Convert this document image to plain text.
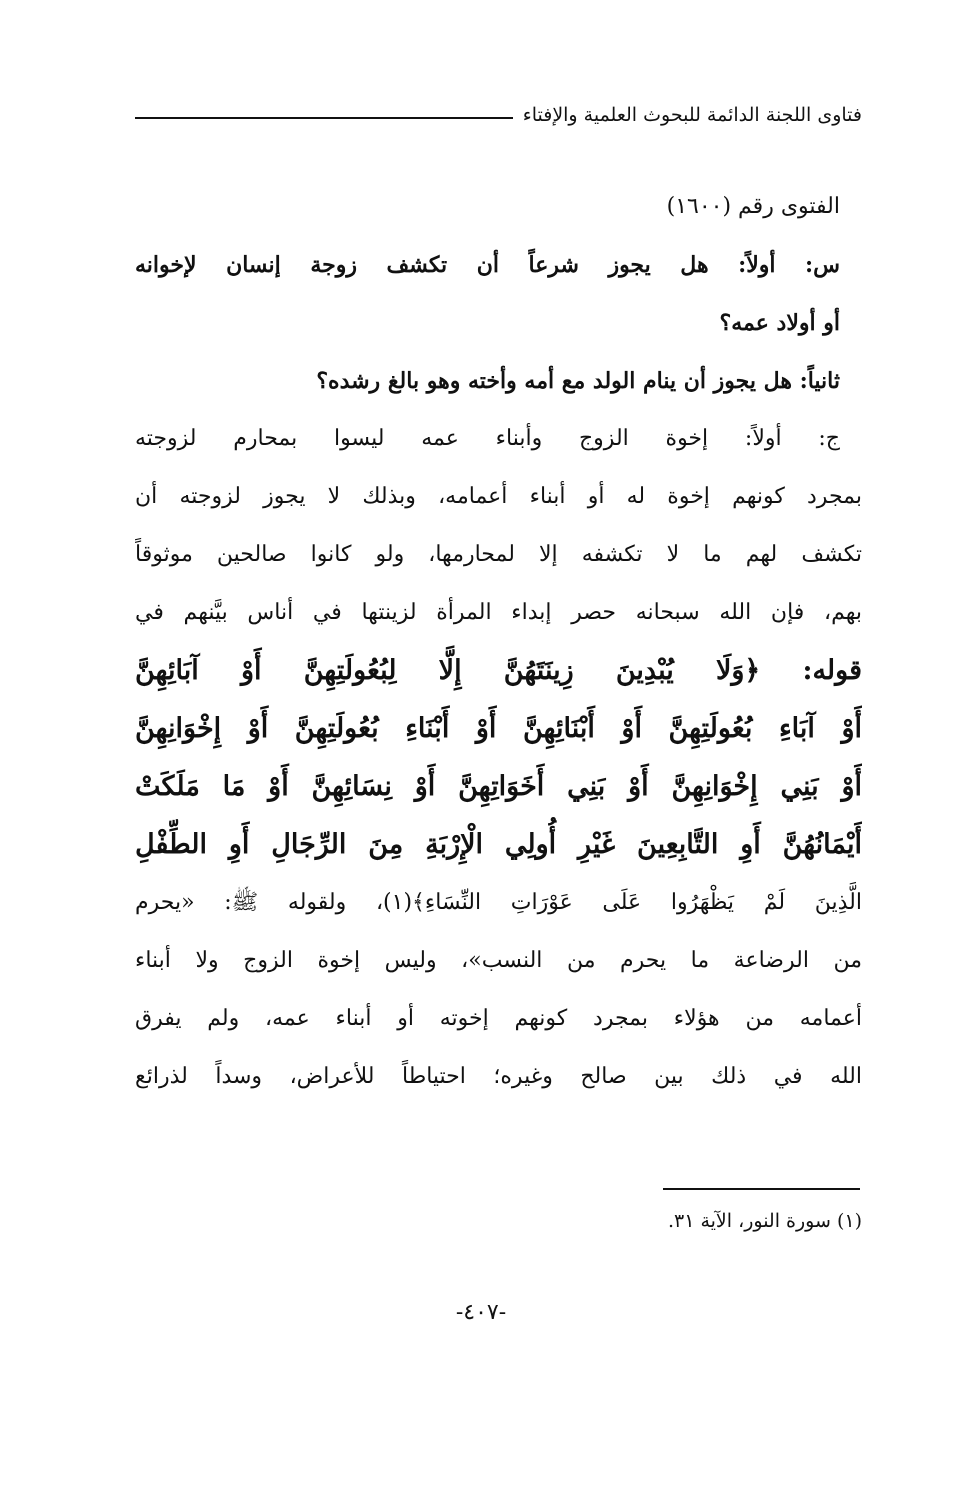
فتاوى اللجنة الدائمة للبحوث العلمية والإفتاء
الفتوى رقم (١٦٠٠)
س: أولاً: هل يجوز شرعاً أن تكشف زوجة إنسان لإخوانه
أو أولاد عمه؟
ثانياً: هل يجوز أن ينام الولد مع أمه وأخته وهو بالغ رشده؟
ج: أولاً: إخوة الزوج وأبناء عمه ليسوا بمحارم لزوجته
بمجرد كونهم إخوة له أو أبناء أعمامه، وبذلك لا يجوز لزوجته أن
تكشف لهم ما لا تكشفه إلا لمحارمها، ولو كانوا صالحين موثوقاً
بهم، فإن الله سبحانه حصر إبداء المرأة لزينتها في أناس بيَّنهم في
قوله: ﴿وَلَا يُبْدِينَ زِينَتَهُنَّ إِلَّا لِبُعُولَتِهِنَّ أَوْ آبَائِهِنَّ
أَوْ آبَاءِ بُعُولَتِهِنَّ أَوْ أَبْنَائِهِنَّ أَوْ أَبْنَاءِ بُعُولَتِهِنَّ أَوْ إِخْوَانِهِنَّ
أَوْ بَنِي إِخْوَانِهِنَّ أَوْ بَنِي أَخَوَاتِهِنَّ أَوْ نِسَائِهِنَّ أَوْ مَا مَلَكَتْ
أَيْمَانُهُنَّ أَوِ التَّابِعِينَ غَيْرِ أُولِي الْإِرْبَةِ مِنَ الرِّجَالِ أَوِ الطِّفْلِ
الَّذِينَ لَمْ يَظْهَرُوا عَلَى عَوْرَاتِ النِّسَاءِ﴾(١)، ولقوله ﷺ: «يحرم
من الرضاعة ما يحرم من النسب»، وليس إخوة الزوج ولا أبناء
أعمامه من هؤلاء بمجرد كونهم إخوته أو أبناء عمه، ولم يفرق
الله في ذلك بين صالح وغيره؛ احتياطاً للأعراض، وسداً لذرائع
(١) سورة النور، الآية ٣١.
-٤٠٧-
